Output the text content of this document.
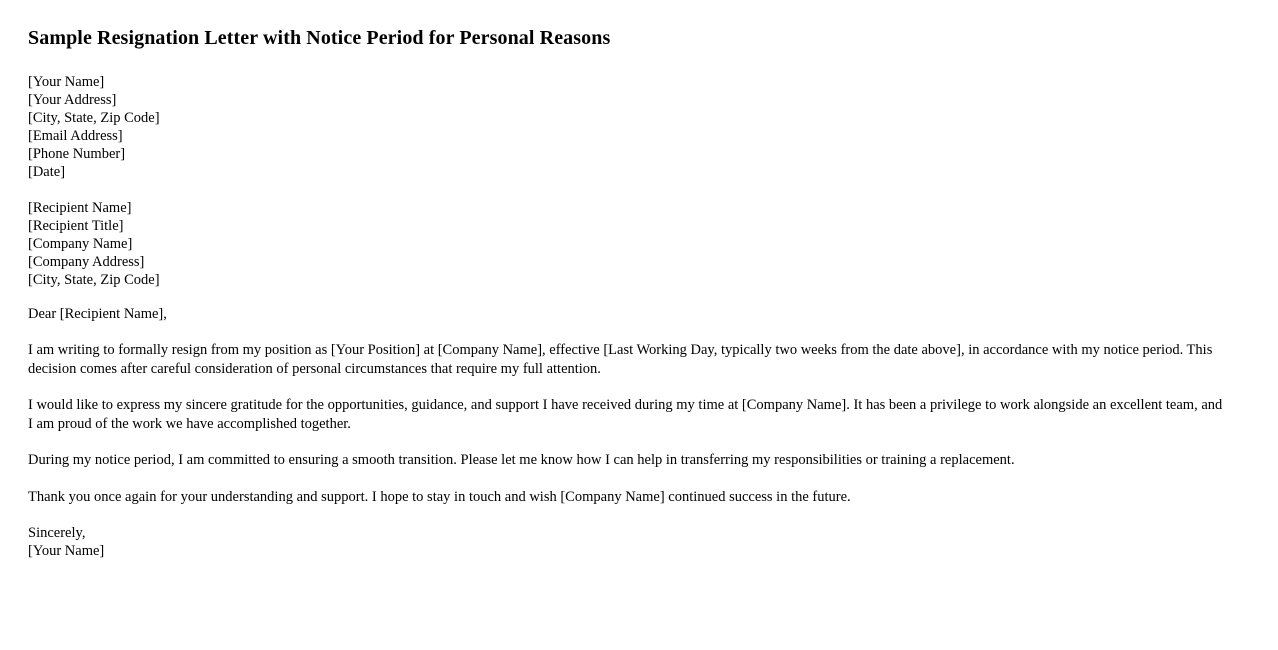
Sample Resignation Letter with Notice Period for Personal Reasons
[Your Name]
[Your Address]
[City, State, Zip Code]
[Email Address]
[Phone Number]
[Date]
[Recipient Name]
[Recipient Title]
[Company Name]
[Company Address]
[City, State, Zip Code]

Dear [Recipient Name],

I am writing to formally resign from my position as [Your Position] at [Company Name], effective [Last Working Day, typically two weeks from the date above], in accordance with my notice period. This decision comes after careful consideration of personal circumstances that require my full attention.

I would like to express my sincere gratitude for the opportunities, guidance, and support I have received during my time at [Company Name]. It has been a privilege to work alongside an excellent team, and I am proud of the work we have accomplished together.

During my notice period, I am committed to ensuring a smooth transition. Please let me know how I can help in transferring my responsibilities or training a replacement.

Thank you once again for your understanding and support. I hope to stay in touch and wish [Company Name] continued success in the future.

Sincerely,
[Your Name]
